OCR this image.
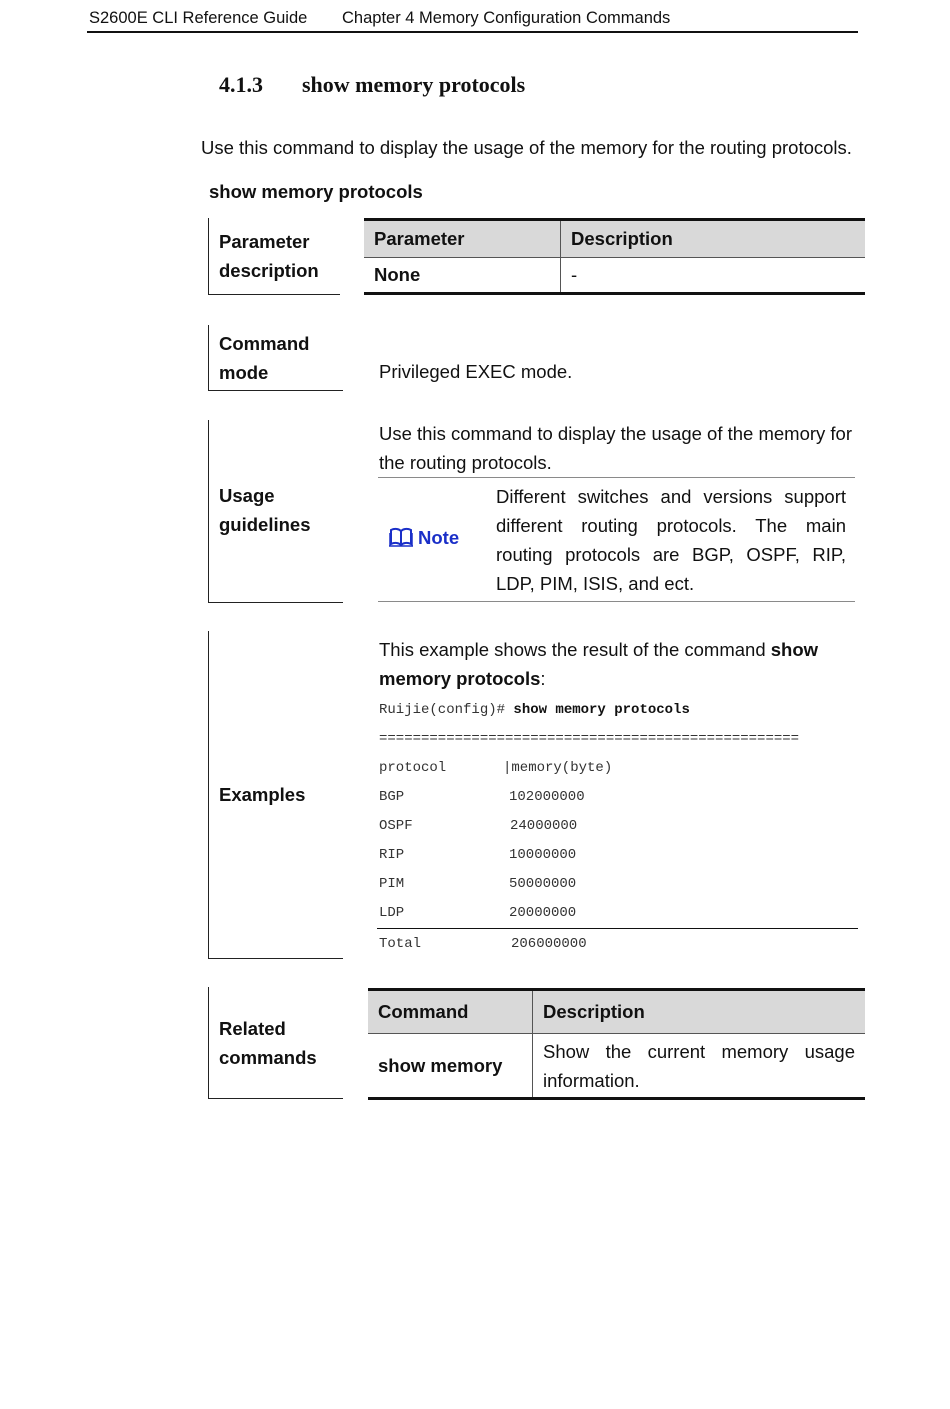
S2600E CLI Reference Guide Chapter 4 Memory Configuration Commands
4.1.3 show memory protocols
Use this command to display the usage of the memory for the routing protocols.
show memory protocols
Parameter
description
Parameter	Description
None	-
Command
mode	Privileged EXEC mode.
Usage
guidelines
Use this command to display the usage of the memory for the routing protocols.
Note
Different switches and versions support different routing protocols. The main routing protocols are BGP, OSPF, RIP, LDP, PIM, ISIS, and ect.
Examples
This example shows the result of the command show memory protocols:
Ruijie(config)# show memory protocols
==================================================
protocol	|memory(byte)
BGP	102000000
OSPF	24000000
RIP	10000000
PIM	50000000
LDP	20000000
Total	206000000
Related
commands
Command	Description
show memory	Show the current memory usage information.
